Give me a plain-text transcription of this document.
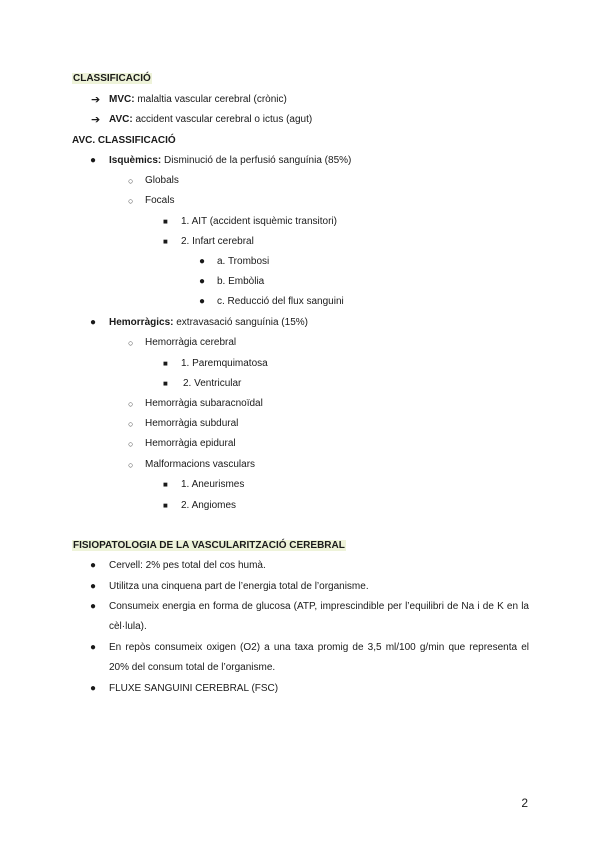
CLASSIFICACIÓ
➔ MVC: malaltia vascular cerebral (crònic)
➔ AVC: accident vascular cerebral o ictus (agut)
AVC. CLASSIFICACIÓ
● Isquèmics: Disminució de la perfusió sanguínia (85%)
○ Globals
○ Focals
■ 1. AIT (accident isquèmic transitori)
■ 2. Infart cerebral
● a. Trombosi
● b. Embòlia
● c. Reducció del flux sanguini
● Hemorràgics: extravasació sanguínia (15%)
○ Hemorràgia cerebral
■ 1. Paremquimatosa
■ 2. Ventricular
○ Hemorràgia subaracnoïdal
○ Hemorràgia subdural
○ Hemorràgia epidural
○ Malformacions vasculars
■ 1. Aneurismes
■ 2. Angiomes
FISIOPATOLOGIA DE LA VASCULARITZACIÓ CEREBRAL
● Cervell: 2% pes total del cos humà.
● Utilitza una cinquena part de l’energia total de l’organisme.
● Consumeix energia en forma de glucosa (ATP, imprescindible per l’equilibri de Na i de K en la cèl·lula).
● En repòs consumeix oxigen (O2) a una taxa promig de 3,5 ml/100 g/min que representa el 20% del consum total de l’organisme.
● FLUXE SANGUINI CEREBRAL (FSC)
2
